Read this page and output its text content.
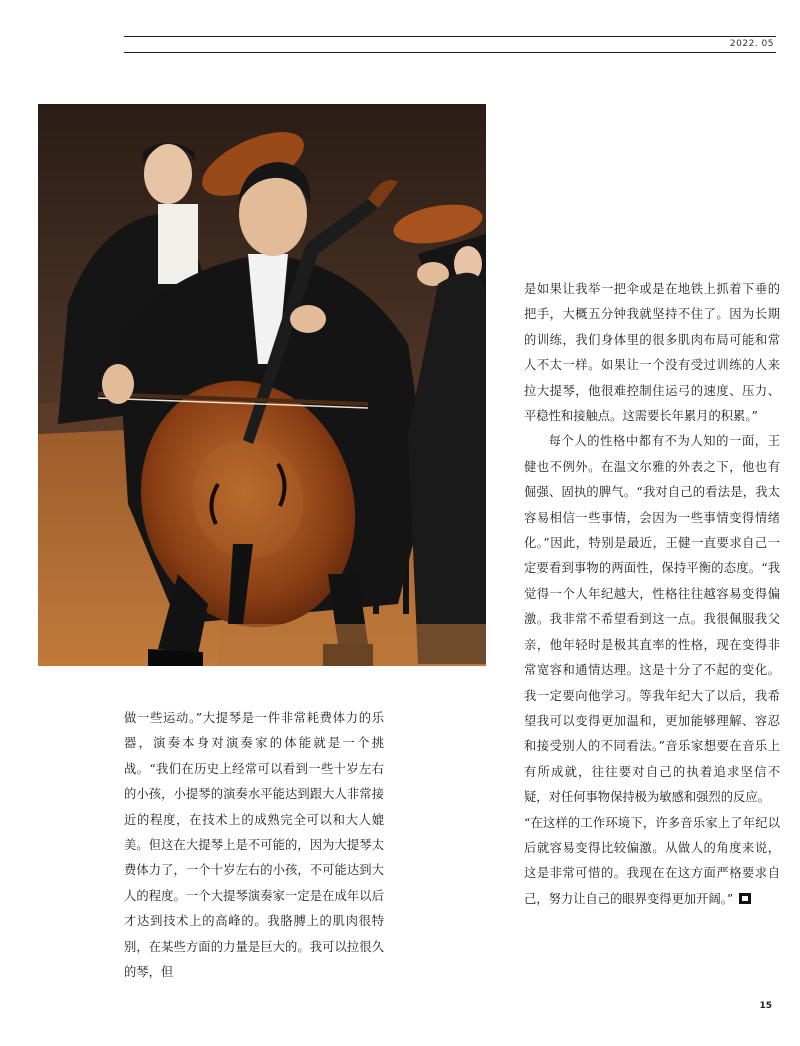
2022. 05

是如果让我举一把伞或是在地铁上抓着下垂的把手，大概五分钟我就坚持不住了。因为长期的训练，我们身体里的很多肌肉布局可能和常人不太一样。如果让一个没有受过训练的人来拉大提琴，他很难控制住运弓的速度、压力、平稳性和接触点。这需要长年累月的积累。”

每个人的性格中都有不为人知的一面，王健也不例外。在温文尔雅的外表之下，他也有倔强、固执的脾气。“我对自己的看法是，我太容易相信一些事情，会因为一些事情变得情绪化。”因此，特别是最近，王健一直要求自己一定要看到事物的两面性，保持平衡的态度。“我觉得一个人年纪越大，性格往往越容易变得偏激。我非常不希望看到这一点。我很佩服我父亲，他年轻时是极其直率的性格，现在变得非常宽容和通情达理。这是十分了不起的变化。我一定要向他学习。等我年纪大了以后，我希望我可以变得更加温和，更加能够理解、容忍和接受别人的不同看法。”音乐家想要在音乐上有所成就，往往要对自己的执着追求坚信不疑，对任何事物保持极为敏感和强烈的反应。

“在这样的工作环境下，许多音乐家上了年纪以后就容易变得比较偏激。从做人的角度来说，这是非常可惜的。我现在在这方面严格要求自己，努力让自己的眼界变得更加开阔。”

做一些运动。”大提琴是一件非常耗费体力的乐器，演奏本身对演奏家的体能就是一个挑战。“我们在历史上经常可以看到一些十岁左右的小孩，小提琴的演奏水平能达到跟大人非常接近的程度，在技术上的成熟完全可以和大人媲美。但这在大提琴上是不可能的，因为大提琴太费体力了，一个十岁左右的小孩，不可能达到大人的程度。一个大提琴演奏家一定是在成年以后才达到技术上的高峰的。我胳膊上的肌肉很特别，在某些方面的力量是巨大的。我可以拉很久的琴，但

15
